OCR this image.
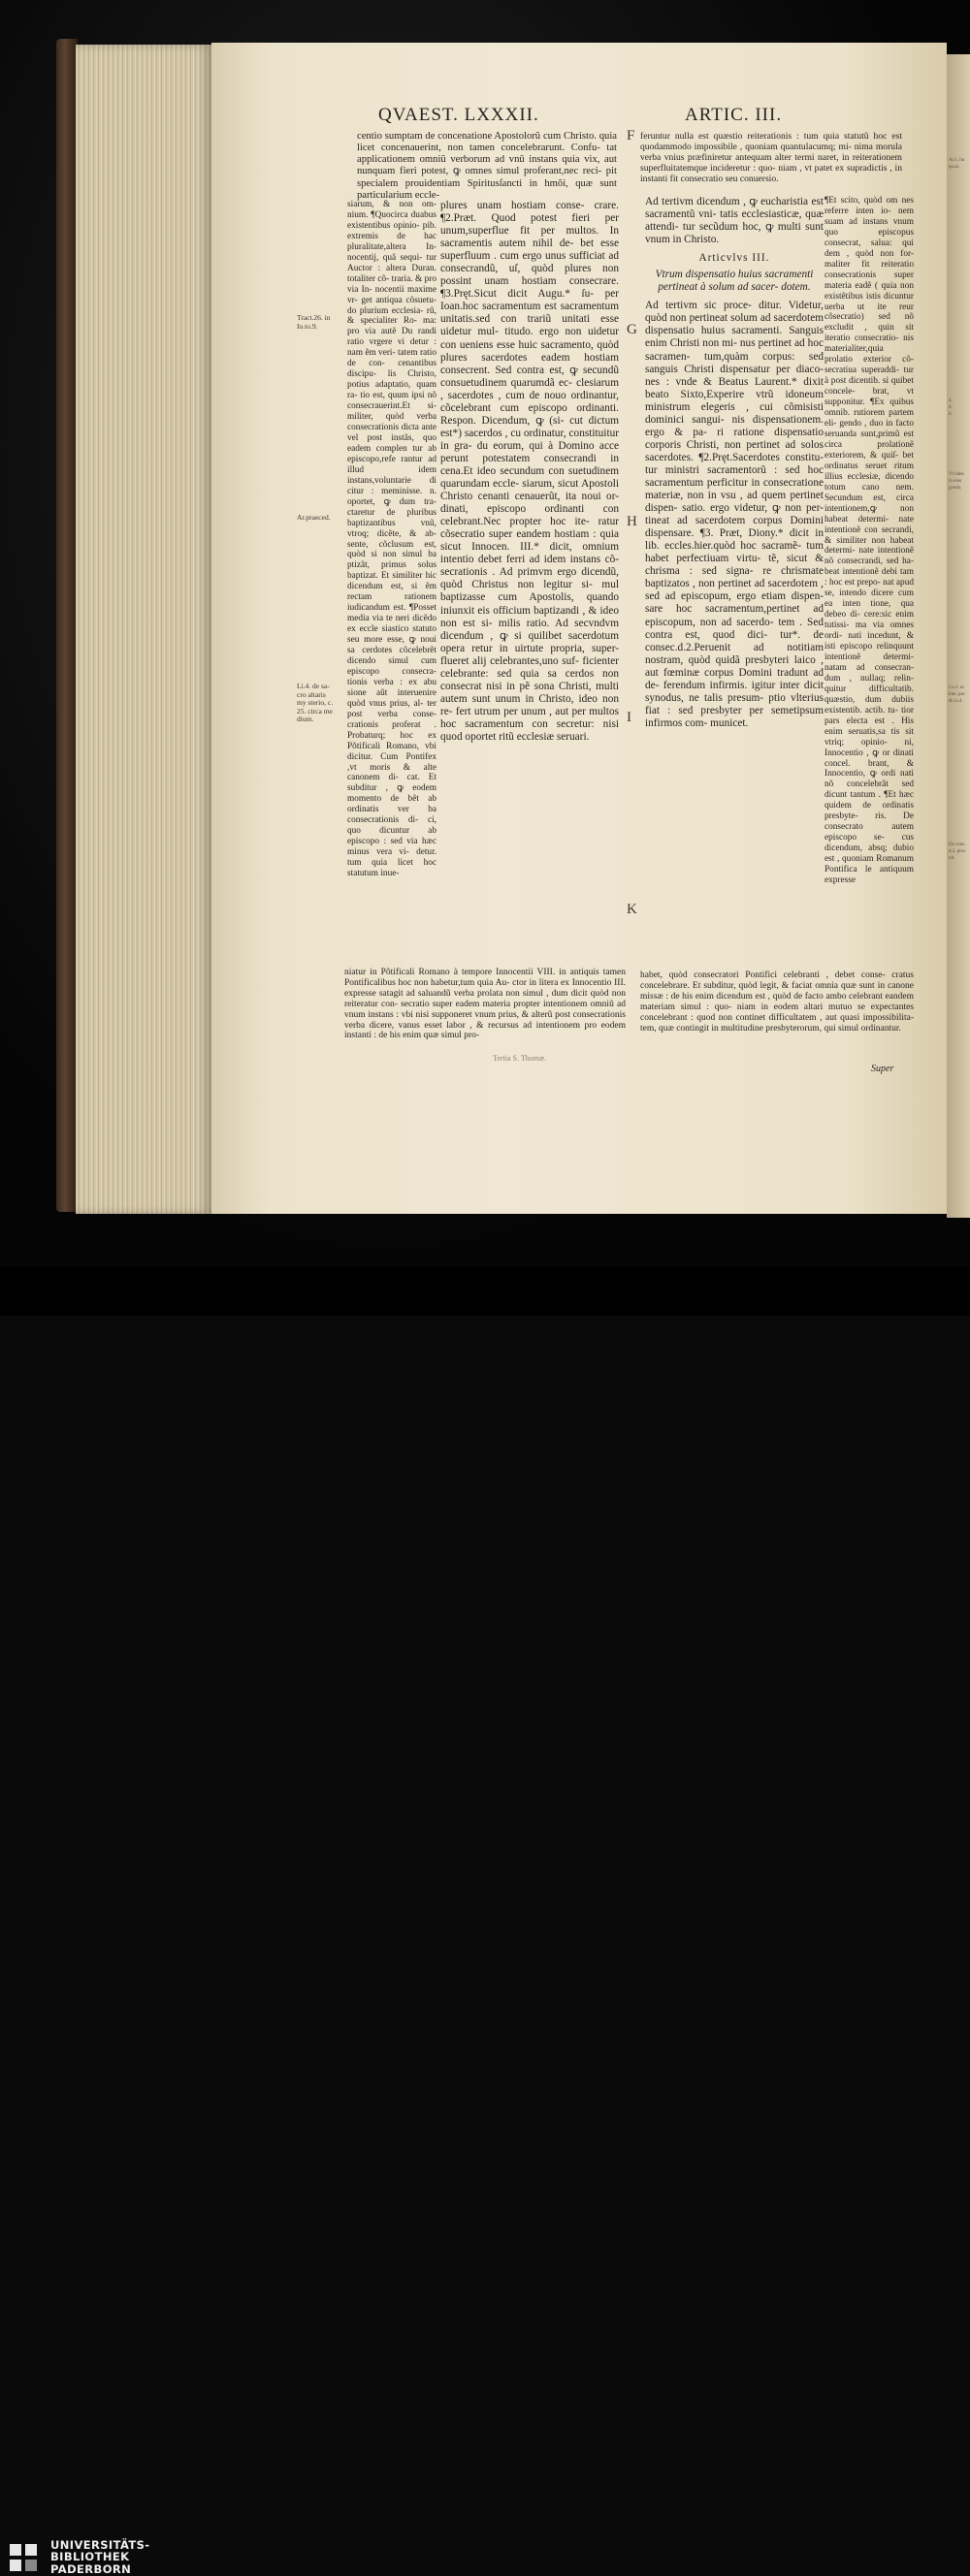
Ar.1. hu
qu.ar.
d.
6.
6.
Vt habe
in eius
genda.
Ca.3. ec
hier. par
& ca.4.
De cons.
d.2. pres
nit.
QVAEST. LXXXII.	ARTIC. III.
Tract.26. in
Io.to.9.
Ar.praeced.
Li.4. de sa-
cro altaris
my sterio, c.
25. circa me
dium.
F
G
H
I
K

centio sumptam de concenatione Apostolorũ cum Christo. quia licet concenauerint, non tamen concelebrarunt. Confu- tat applicationem omniũ verborum ad vnũ instans quia vix, aut nunquam fieri potest, ꝙ omnes simul proferant,nec reci- pit specialem prouidentiam Spiritusſancti in hmõi, quæ sunt particularium eccle-

siarum, & non om- nium. ¶Quocirca duabus existentibus opinio- pib. extremis de hac pluralitate,altera In- nocentij, quã sequi- tur Auctor : altera Duran. totaliter cõ- traria. & pro via In- nocentii maxime vr- get antiqua cõsuetu- do plurium ecclesia- rũ, & specialiter Ro- ma: pro via autẽ Du randi ratio vrgere vi detur : nam ẽm veri- tatem ratio de con- cenantibus discipu- lis Christo, potius adaptatio, quam ra- tio est, quum ipsi nõ consecrauerint.Et si- militer, quòd verba consecrationis dicta ante vel post instãs, quo eadem complen tur ab episcopo,refe rantur ad illud idem instans,voluntarie di citur : meminisse. n. oportet, ꝙ dum tra- ctaretur de pluribus baptizantibus vnũ, vtroq; dicẽte, & ab- sente, cõclusum est, quòd si non simul ba ptizãt, primus solus baptizat. Et similiter hic dicendum est, si ẽm rectam rationem iudicandum est. ¶Posset media via te neri dicẽdo ex eccle siastico statuto seu more esse, ꝙ noui sa cerdotes cõcelebrẽt dicendo simul cum episcopo consecra- tionis verba : ex abu sione aũt interuenire quòd vnus prius, al- ter post verba conse- crationis proferat . Probaturq; hoc ex Põtificali Romano, vbi dicitur. Cum Pontifex ,vt moris & alte canonem di- cat. Et subditur , ꝙ eodem momento de bẽt ab ordinatis ver ba consecrationis di- ci, quo dicuntur ab episcopo : sed via hæc minus vera vi- detur. tum quia licet hoc statutum inue-

plures unam hostiam conse- crare. ¶2.Præt. Quod potest fieri per unum,superflue fit per multos. In sacramentis autem nihil de- bet esse superfluum . cum ergo unus sufficiat ad consecrandũ, uſ, quòd plures non possint unam hostiam consecrare. ¶3.Pręt.Sicut dicit Augu.* ſu- per Ioan.hoc sacramentum est sacramentum unitatis.sed con trariũ unitati esse uidetur mul- titudo. ergo non uidetur con ueniens esse huic sacramento, quòd plures sacerdotes eadem hostiam consecrent. Sed contra est, ꝙ secundũ consuetudinem quarumdã ec- clesiarum , sacerdotes , cum de nouo ordinantur, cõcelebrant cum episcopo ordinanti. Respon. Dicendum, ꝙ (si- cut dictum est*) sacerdos , cu ordinatur, constituitur in gra- du eorum, qui à Domino acce perunt potestatem consecrandi in cena.Et ideo secundum con suetudinem quarundam eccle- siarum, sicut Apostoli Christo cenanti cenauerũt, ita noui or- dinati, episcopo ordinanti con celebrant.Nec propter hoc ite- ratur cõsecratio super eandem hostiam : quia sicut Innocen. III.* dicit, omnium intentio debet ferri ad idem instans cõ- secrationis . Ad primvm ergo dicendũ, quòd Christus non legitur si- mul baptizasse cum Apostolis, quando iniunxit eis officium baptizandi , & ideo non est si- milis ratio. Ad secvndvm dicendum , ꝙ si quilibet sacerdotum opera retur in uirtute propria, super- flueret alij celebrantes,uno suf- ficienter celebrante: sed quia sa cerdos non consecrat nisi in pẽ sona Christi, multi autem sunt unum in Christo, ideo non re- fert utrum per unum , aut per multos hoc sacramentum con secretur: nisi quod oportet ritũ ecclesiæ seruari.

niatur in Põtificali Romano à tempore Innocentii VIII. in antiquis tamen Pontificalibus hoc non habetur,tum quia Au- ctor in litera ex Innocentio III. expresse satagit ad saluandũ verba prolata non simul , dum dicit quòd non reiteratur con- secratio super eadem materia propter intentionem omniũ ad vnum instans : vbi nisi supponeret vnum prius, & alterũ post consecrationis verba dicere, vanus esset labor , & recursus ad intentionem pro eodem instanti : de his enim quæ simul pro-

feruntur nulla est quæstio reiterationis : tum quia statutũ hoc est quodammodo impossibile , quoniam quantulacumq; mi- nima morula verba vnius præfiniretur antequam alter termi naret, in reiterationem superfluitatemque incideretur : quo- niam , vt patet ex supradictis , in instanti fit consecratio seu conuersio.

Ad tertivm dicendum , ꝙ eucharistia est sacramentũ vni- tatis ecclesiasticæ, quæ attendi- tur secũdum hoc, ꝙ multi sunt vnum in Christo.

Articvlvs III.

Vtrum dispensatio huius sacramenti pertineat à solum ad sacer- dotem.

Ad tertivm sic proce- ditur. Videtur, quòd non pertineat solum ad sacerdotem dispensatio huius sacramenti. Sanguis enim Christi non mi- nus pertinet ad hoc sacramen- tum,quàm corpus: sed sanguis Christi dispensatur per diaco- nes : vnde & Beatus Laurent.* dixit beato Sixto,Experire vtrũ idoneum ministrum elegeris , cui cõmisisti dominici sangui- nis dispensationem. ergo & pa- ri ratione dispensatio corporis Christi, non pertinet ad solos sacerdotes. ¶2.Pręt.Sacerdotes constitu- tur ministri sacramentorũ : sed hoc sacramentum perficitur in consecratione materiæ, non in vsu , ad quem pertinet dispen- satio. ergo videtur, ꝙ non per- tineat ad sacerdotem corpus Domini dispensare. ¶3. Præt, Diony.* dicit in lib. eccles.hier.quòd hoc sacramẽ- tum habet perfectiuam virtu- tẽ, sicut & chrisma : sed signa- re chrismate baptizatos , non pertinet ad sacerdotem , sed ad episcopum, ergo etiam dispen- sare hoc sacramentum,pertinet ad episcopum, non ad sacerdo- tem . Sed contra est, quod dici- tur*. de consec.d.2.Peruenit ad notitiam nostram, quòd quidã presbyteri laico , aut fœminæ corpus Domini tradunt ad de- ferendum infirmis. igitur inter dicit synodus, ne talis presum- ptio vlterius fiat : sed presbyter per semetipsum infirmos com- municet.

¶Et scito, quòd om nes referre inten io- nem suam ad instans vnum quo episcopus consecrat, salua: qui dem , quòd non for- maliter fit reiteratio consecrationis super materia eadẽ ( quia non existẽtibus istis dicuntur uerba ut ite reur cõsecratio) sed nõ excludit , quin sit iteratio consecratio- nis materialiter,quia prolatio exterior cõ- secratiua superaddi- tur à post dicentib. si quibet concele- brat, vt supponitur. ¶Ex quibus omnib. rutiorem partem eli- gendo , duo in facto seruanda sunt,primũ est circa prolationẽ exteriorem, & quiſ- bet ordinatus seruet ritum illius ecclesiæ, dicendo totum cano nem. Secundum est, circa intentionem,ꝙ non habeat determi- nate intentionẽ con secrandi, & similiter non habeat determi- nate intentionẽ nõ consecrandi, sed ha- beat intentionẽ debi tam : hoc est prepo- nat apud se, intendo dicere cum ea inten tione, qua debeo di- cere:sic enim tutissi- ma via omnes ordi- nati incedunt, & isti episcopo relinquunt intentionẽ determi- natam ad consecran- dum , nullaq; relin- quitur difficultatib. quæstio, dum dubiis existentib. actib. tu- tior pars electa est . His enim seruatis,sa tis sit vtriq; opinio- ni, Innocentio , ꝙ or dinati concel. brant, & Innocentio, ꝙ ordi nati nõ concelebrãt sed dicunt tantum . ¶Et hæc quidem de ordinatis presbyte- ris. De consecrato autem episcopo se- cus dicendum, absq; dubio est , quoniam Romanum Pontifica le antiquum expresse

habet, quòd consecratori Pontifici celebranti , debet conse- cratus concelebrare. Et subditur, quòd legit, & faciat omnia quæ sunt in canone missæ : de his enim dicendum est , quòd de facto ambo celebrant eandem materiam simul : quo- niam in eodem altari mutuo se expectantes concelebrant : quod non continet difficultatem , aut quasi impossibilita- tem, quæ contingit in multitudine presbyterorum, qui simul ordinantur.

Tertia S. Thomæ.
Super
UNIVERSITÄTS-
BIBLIOTHEK
PADERBORN
